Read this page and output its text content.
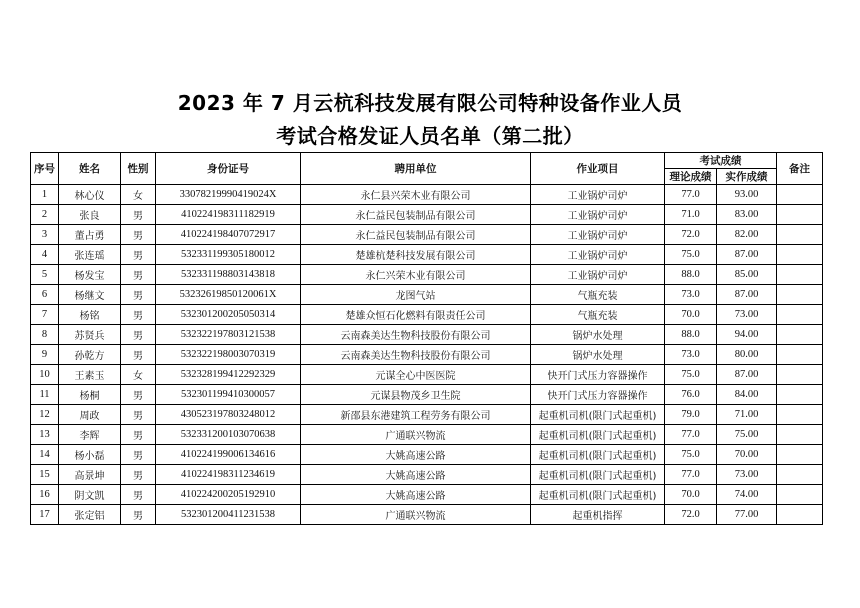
2023 年 7 月云杭科技发展有限公司特种设备作业人员
考试合格发证人员名单（第二批）
序号	姓名	性别	身份证号	聘用单位	作业项目	考试成绩		备注
						理论成绩	实作成绩	
1	林心仪	女	33078219990419024X	永仁县兴荣木业有限公司	工业锅炉司炉	77.0	93.00	
2	张良	男	410224198311182919	永仁益民包装制品有限公司	工业锅炉司炉	71.0	83.00	
3	董占勇	男	410224198407072917	永仁益民包装制品有限公司	工业锅炉司炉	72.0	82.00	
4	张连瑶	男	532331199305180012	楚雄杭楚科技发展有限公司	工业锅炉司炉	75.0	87.00	
5	杨发宝	男	532331198803143818	永仁兴荣木业有限公司	工业锅炉司炉	88.0	85.00	
6	杨继文	男	53232619850120061X	龙图气站	气瓶充装	73.0	87.00	
7	杨铭	男	532301200205050314	楚雄众恒石化燃料有限责任公司	气瓶充装	70.0	73.00	
8	苏贤兵	男	532322197803121538	云南森美达生物科技股份有限公司	锅炉水处理	88.0	94.00	
9	孙乾方	男	532322198003070319	云南森美达生物科技股份有限公司	锅炉水处理	73.0	80.00	
10	王素玉	女	532328199412292329	元谋全心中医医院	快开门式压力容器操作	75.0	87.00	
11	杨桐	男	532301199410300057	元谋县物茂乡卫生院	快开门式压力容器操作	76.0	84.00	
12	周政	男	430523197803248012	新邵县东港建筑工程劳务有限公司	起重机司机(限门式起重机)	79.0	71.00	
13	李辉	男	532331200103070638	广通联兴物流	起重机司机(限门式起重机)	77.0	75.00	
14	杨小磊	男	410224199006134616	大姚高速公路	起重机司机(限门式起重机)	75.0	70.00	
15	高景坤	男	410224198311234619	大姚高速公路	起重机司机(限门式起重机)	77.0	73.00	
16	阴文凯	男	410224200205192910	大姚高速公路	起重机司机(限门式起重机)	70.0	74.00	
17	张定铝	男	532301200411231538	广通联兴物流	起重机指挥	72.0	77.00	
